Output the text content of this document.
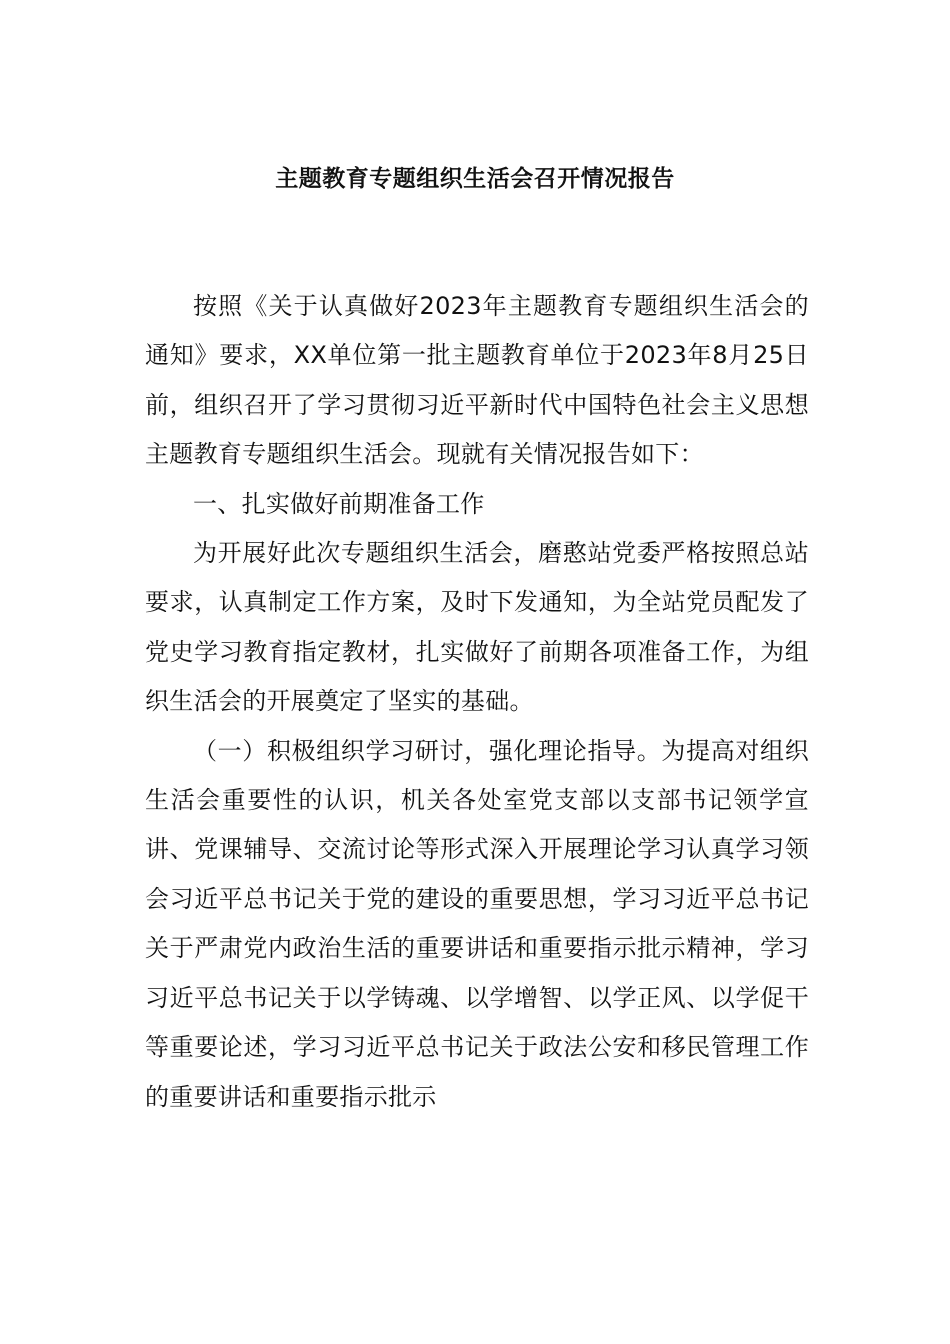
主题教育专题组织生活会召开情况报告

按照《关于认真做好2023年主题教育专题组织生活会的通知》要求，XX单位第一批主题教育单位于2023年8月25日前，组织召开了学习贯彻习近平新时代中国特色社会主义思想主题教育专题组织生活会。现就有关情况报告如下：

一、扎实做好前期准备工作

为开展好此次专题组织生活会，磨憨站党委严格按照总站要求，认真制定工作方案，及时下发通知，为全站党员配发了党史学习教育指定教材，扎实做好了前期各项准备工作，为组织生活会的开展奠定了坚实的基础。

（一）积极组织学习研讨，强化理论指导。为提高对组织生活会重要性的认识，机关各处室党支部以支部书记领学宣讲、党课辅导、交流讨论等形式深入开展理论学习认真学习领会习近平总书记关于党的建设的重要思想，学习习近平总书记关于严肃党内政治生活的重要讲话和重要指示批示精神，学习习近平总书记关于以学铸魂、以学增智、以学正风、以学促干等重要论述，学习习近平总书记关于政法公安和移民管理工作的重要讲话和重要指示批示
